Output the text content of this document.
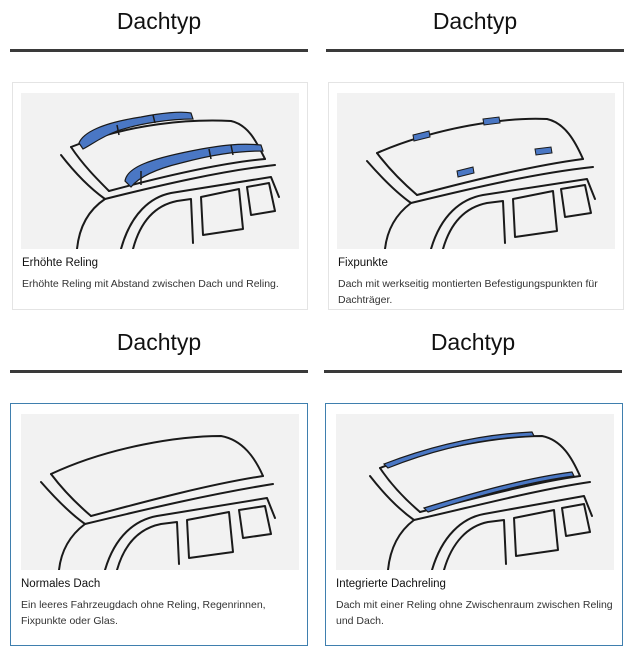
Dachtyp
Erhöhte Reling
Erhöhte Reling mit Abstand zwischen Dach und Reling.
Dachtyp
Fixpunkte
Dach mit werkseitig montierten Befestigungspunkten für Dachträger.
Dachtyp
Normales Dach
Ein leeres Fahrzeugdach ohne Reling, Regenrinnen, Fixpunkte oder Glas.
Dachtyp
Integrierte Dachreling
Dach mit einer Reling ohne Zwischenraum zwischen Reling und Dach.
